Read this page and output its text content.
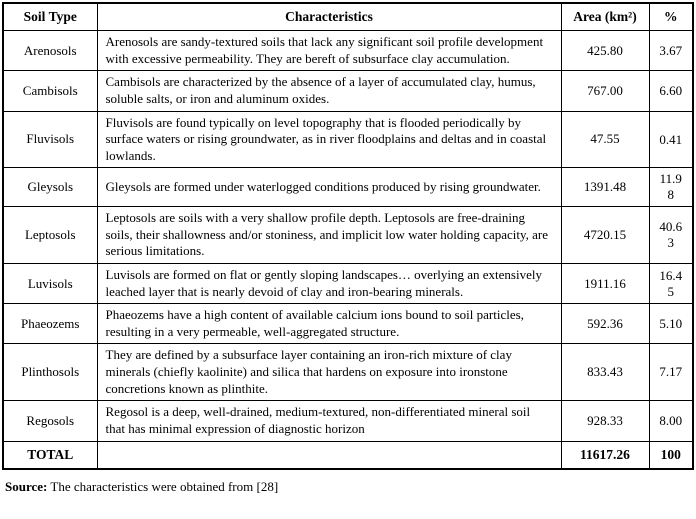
Soil Type	Characteristics	Area (km²)	%
Arenosols	Arenosols are sandy-textured soils that lack any significant soil profile development with excessive permeability. They are bereft of subsurface clay accumulation.	425.80	3.67
Cambisols	Cambisols are characterized by the absence of a layer of accumulated clay, humus, soluble salts, or iron and aluminum oxides.	767.00	6.60
Fluvisols	Fluvisols are found typically on level topography that is flooded periodically by surface waters or rising groundwater, as in river floodplains and deltas and in coastal lowlands.	47.55	0.41
Gleysols	Gleysols are formed under waterlogged conditions produced by rising groundwater.	1391.48	11.98
Leptosols	Leptosols are soils with a very shallow profile depth. Leptosols are free-draining soils, their shallowness and/or stoniness, and implicit low water holding capacity, are serious limitations.	4720.15	40.63
Luvisols	Luvisols are formed on flat or gently sloping landscapes… overlying an extensively leached layer that is nearly devoid of clay and iron-bearing minerals.	1911.16	16.45
Phaeozems	Phaeozems have a high content of available calcium ions bound to soil particles, resulting in a very permeable, well-aggregated structure.	592.36	5.10
Plinthosols	They are defined by a subsurface layer containing an iron-rich mixture of clay minerals (chiefly kaolinite) and silica that hardens on exposure into ironstone concretions known as plinthite.	833.43	7.17
Regosols	Regosol is a deep, well-drained, medium-textured, non-differentiated mineral soil that has minimal expression of diagnostic horizon	928.33	8.00
TOTAL		11617.26	100
Source: The characteristics were obtained from [28]
